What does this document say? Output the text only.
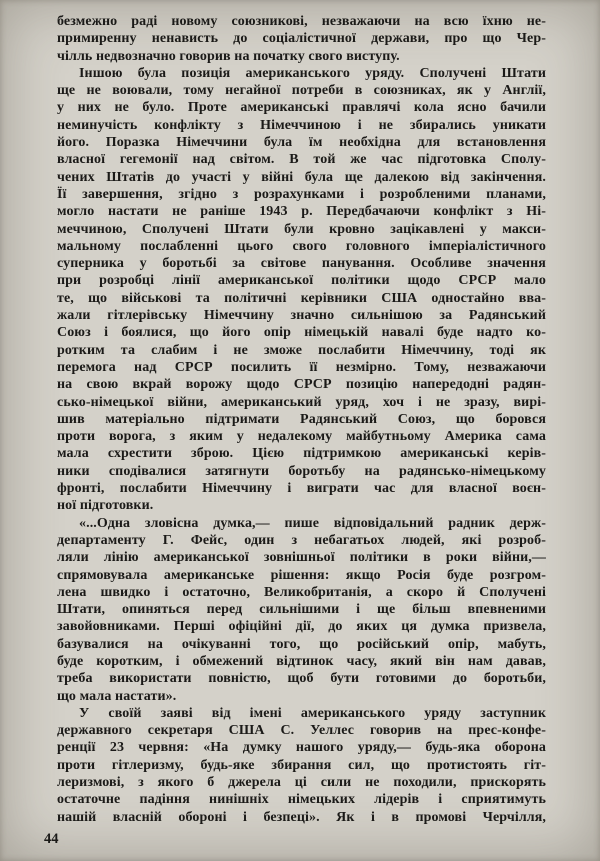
безмежно раді новому союзникові, незважаючи на всю їхню не-
примиренну ненависть до соціалістичної держави, про що Чер-
чілль недвозначно говорив на початку свого виступу.
Іншою була позиція американського уряду. Сполучені Штати
ще не воювали, тому негайної потреби в союзниках, як у Англії,
у них не було. Проте американські правлячі кола ясно бачили
неминучість конфлікту з Німеччиною і не збирались уникати
його. Поразка Німеччини була їм необхідна для встановлення
власної гегемонії над світом. В той же час підготовка Сполу-
чених Штатів до участі у війні була ще далекою від закінчення.
Її завершення, згідно з розрахунками і розробленими планами,
могло настати не раніше 1943 р. Передбачаючи конфлікт з Ні-
меччиною, Сполучені Штати були кровно зацікавлені у макси-
мальному послабленні цього свого головного імперіалістичного
суперника у боротьбі за світове панування. Особливе значення
при розробці лінії американської політики щодо СРСР мало
те, що військові та політичні керівники США одностайно вва-
жали гітлерівську Німеччину значно сильнішою за Радянський
Союз і боялися, що його опір німецькій навалі буде надто ко-
ротким та слабим і не зможе послабити Німеччину, тоді як
перемога над СРСР посилить її незмірно. Тому, незважаючи
на свою вкрай ворожу щодо СРСР позицію напередодні радян-
сько-німецької війни, американський уряд, хоч і не зразу, вирі-
шив матеріально підтримати Радянський Союз, що боровся
проти ворога, з яким у недалекому майбутньому Америка сама
мала схрестити зброю. Цією підтримкою американські керів-
ники сподівалися затягнути боротьбу на радянсько-німецькому
фронті, послабити Німеччину і виграти час для власної воєн-
ної підготовки.
«...Одна зловісна думка,— пише відповідальний радник держ-
департаменту Г. Фейс, один з небагатьох людей, які розроб-
ляли лінію американської зовнішньої політики в роки війни,—
спрямовувала американське рішення: якщо Росія буде розгром-
лена швидко і остаточно, Великобританія, а скоро й Сполучені
Штати, опиняться перед сильнішими і ще більш впевненими
завойовниками. Перші офіційні дії, до яких ця думка призвела,
базувалися на очікуванні того, що російський опір, мабуть,
буде коротким, і обмежений відтинок часу, який він нам давав,
треба використати повністю, щоб бути готовими до боротьби,
що мала настати».
У своїй заяві від імені американського уряду заступник
державного секретаря США С. Уеллес говорив на прес-конфе-
ренції 23 червня: «На думку нашого уряду,— будь-яка оборона
проти гітлеризму, будь-яке збирання сил, що протистоять гіт-
леризмові, з якого б джерела ці сили не походили, прискорять
остаточне падіння нинішніх німецьких лідерів і сприятимуть
нашій власній обороні і безпеці». Як і в промові Черчілля,
44
